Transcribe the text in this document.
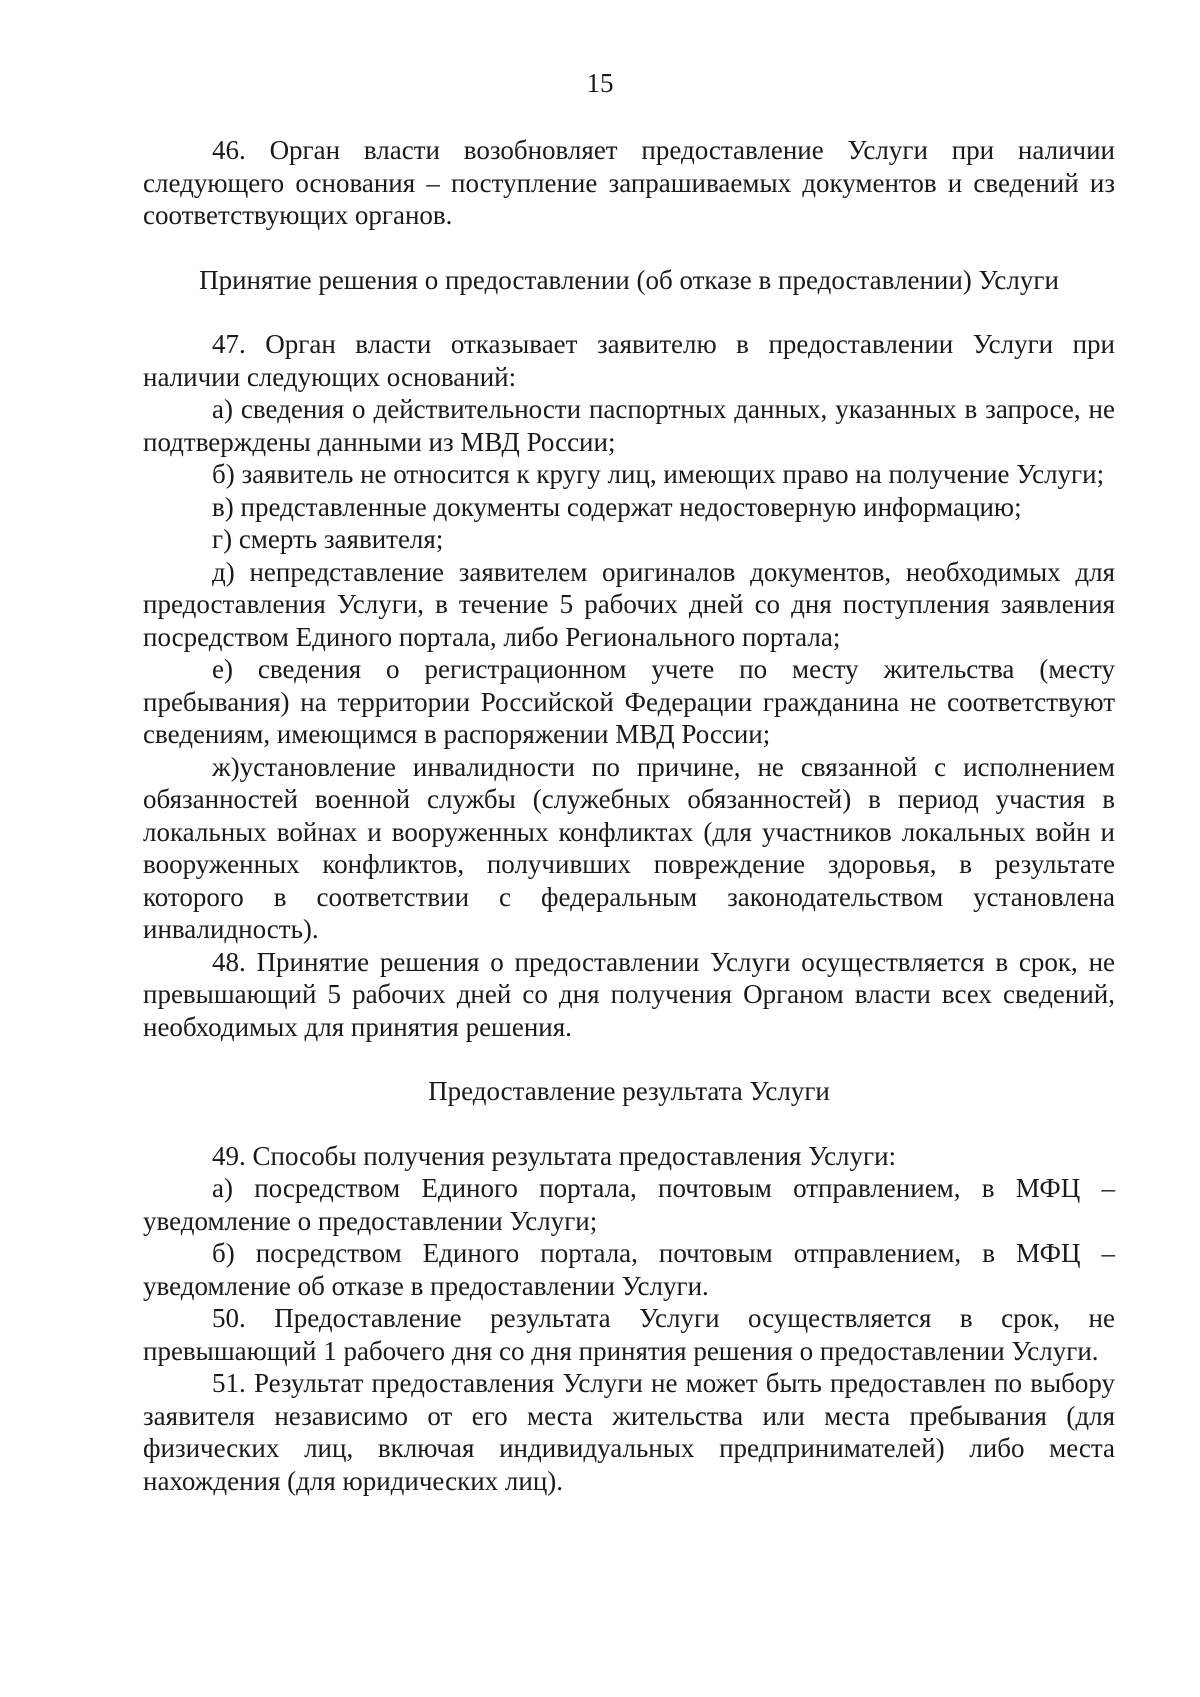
15

46. Орган власти возобновляет предоставление Услуги при наличии следующего основания – поступление запрашиваемых документов и сведений из соответствующих органов.

Принятие решения о предоставлении (об отказе в предоставлении) Услуги

47. Орган власти отказывает заявителю в предоставлении Услуги при наличии следующих оснований:

а) сведения о действительности паспортных данных, указанных в запросе, не подтверждены данными из МВД России;

б) заявитель не относится к кругу лиц, имеющих право на получение Услуги;

в) представленные документы содержат недостоверную информацию;

г) смерть заявителя;

д) непредставление заявителем оригиналов документов, необходимых для предоставления Услуги, в течение 5 рабочих дней со дня поступления заявления посредством Единого портала, либо Регионального портала;

е) сведения о регистрационном учете по месту жительства (месту пребывания) на территории Российской Федерации гражданина не соответствуют сведениям, имеющимся в распоряжении МВД России;

ж)установление инвалидности по причине, не связанной с исполнением обязанностей военной службы (служебных обязанностей) в период участия в локальных войнах и вооруженных конфликтах (для участников локальных войн и вооруженных конфликтов, получивших повреждение здоровья, в результате которого в соответствии с федеральным законодательством установлена инвалидность).

48. Принятие решения о предоставлении Услуги осуществляется в срок, не превышающий 5 рабочих дней со дня получения Органом власти всех сведений, необходимых для принятия решения.

Предоставление результата Услуги

49. Способы получения результата предоставления Услуги:

а) посредством Единого портала, почтовым отправлением, в МФЦ – уведомление о предоставлении Услуги;

б) посредством Единого портала, почтовым отправлением, в МФЦ – уведомление об отказе в предоставлении Услуги.

50. Предоставление результата Услуги осуществляется в срок, не превышающий 1 рабочего дня со дня принятия решения о предоставлении Услуги.

51. Результат предоставления Услуги не может быть предоставлен по выбору заявителя независимо от его места жительства или места пребывания (для физических лиц, включая индивидуальных предпринимателей) либо места нахождения (для юридических лиц).
